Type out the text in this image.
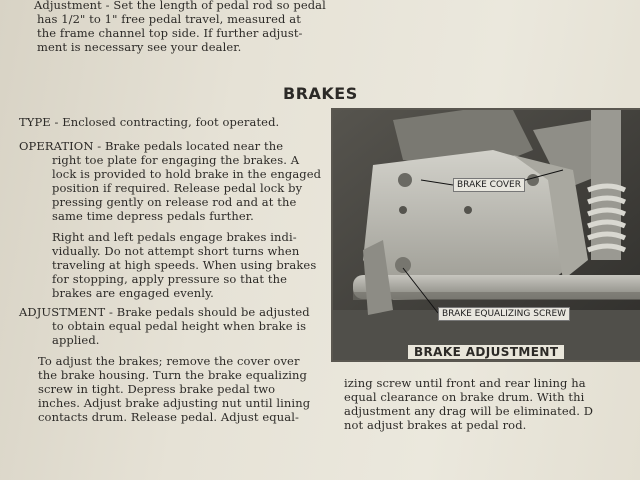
Adjustment - Set the length of pedal rod so pedal
has 1/2" to 1" free pedal travel, measured at
the frame channel top side. If further adjust-
ment is necessary see your dealer.
BRAKES
TYPE - Enclosed contracting, foot operated.
OPERATION - Brake pedals located near the
right toe plate for engaging the brakes. A
lock is provided to hold brake in the engaged
position if required. Release pedal lock by
pressing gently on release rod and at the
same time depress pedals further.
Right and left pedals engage brakes indi-
vidually. Do not attempt short turns when
traveling at high speeds. When using brakes
for stopping, apply pressure so that the
brakes are engaged evenly.
ADJUSTMENT - Brake pedals should be adjusted
to obtain equal pedal height when brake is
applied.
To adjust the brakes; remove the cover over
the brake housing. Turn the brake equalizing
screw in tight. Depress brake pedal two
inches. Adjust brake adjusting nut until lining
contacts drum. Release pedal. Adjust equal-
izing screw until front and rear lining ha
equal clearance on brake drum. With thi
adjustment any drag will be eliminated. D
not adjust brakes at pedal rod.
BRAKE COVER
BRAKE EQUALIZING SCREW
BRAKE ADJUSTMENT
